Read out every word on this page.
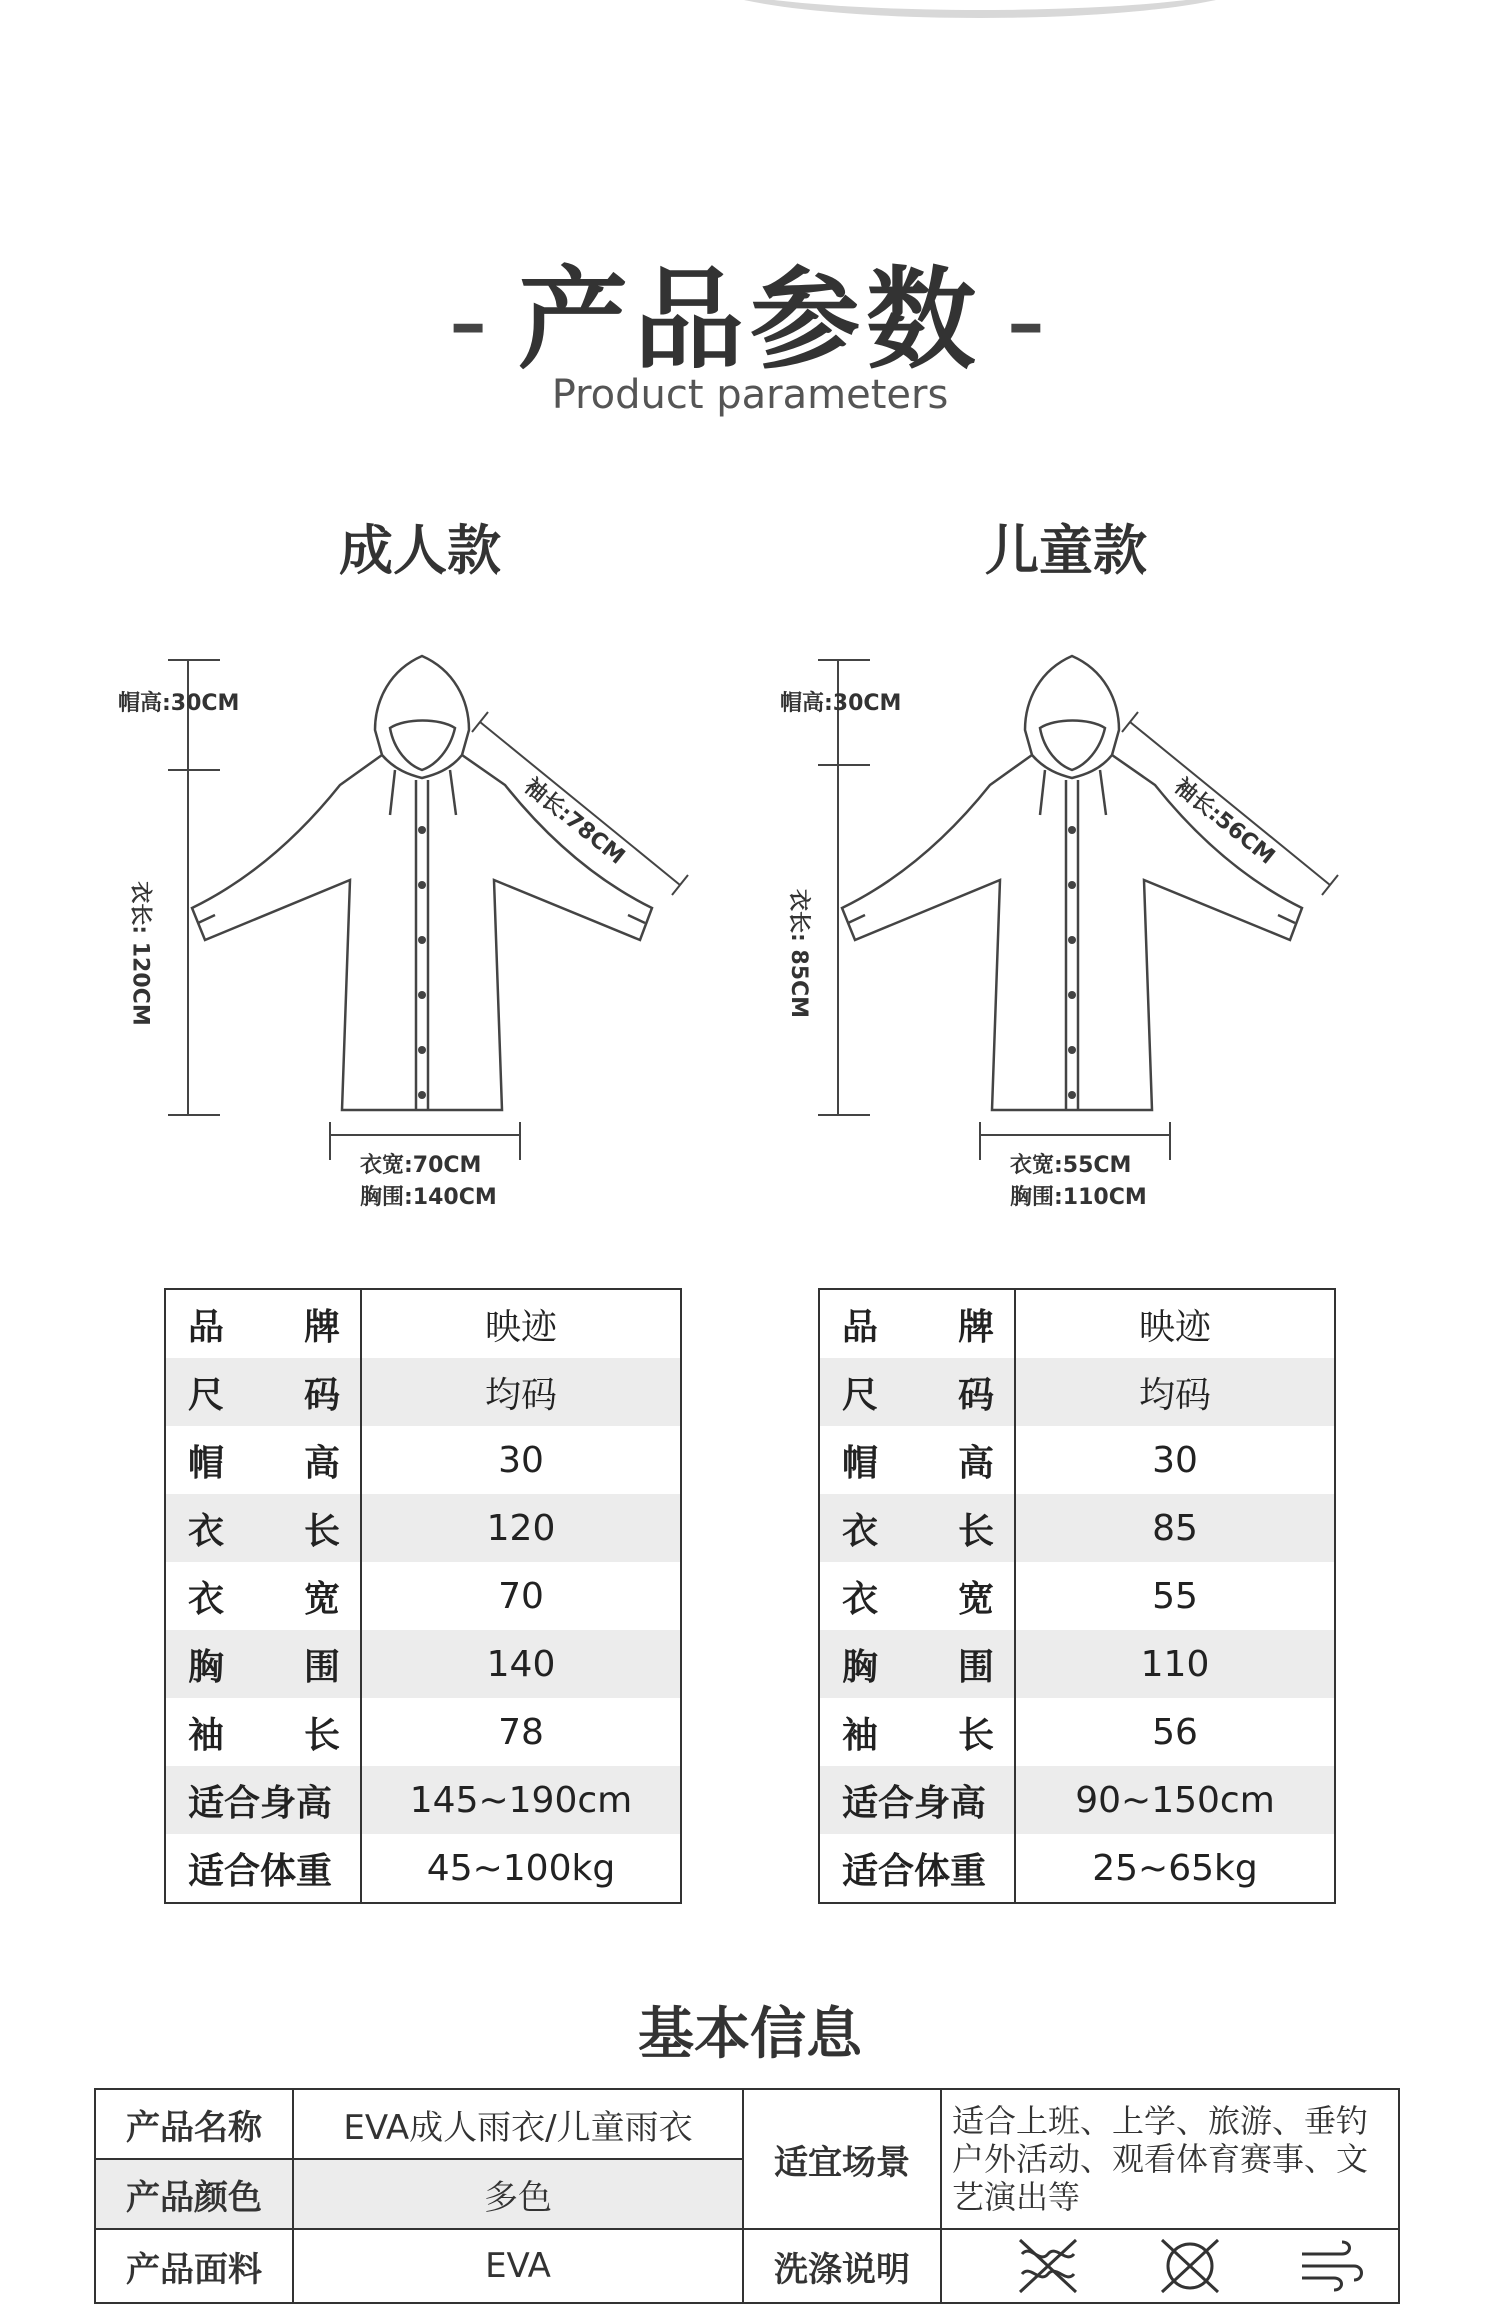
- 产品参数 -
Product parameters
成人款	儿童款
帽高:30CM
衣长: 120CM
袖长:78CM
衣宽:70CM
胸围:140CM
帽高:30CM
衣长: 85CM
袖长:56CM
衣宽:55CM
胸围:110CM
品 牌	映迹

尺 码	均码

帽 高	30

衣 长	120

衣 宽	70

胸 围	140

袖 长	78

适合身高	145~190cm

适合体重	45~100kg
品 牌	映迹

尺 码	均码

帽 高	30

衣 长	85

衣 宽	55

胸 围	110

袖 长	56

适合身高	90~150cm

适合体重	25~65kg
基本信息
产品名称	EVA成人雨衣/儿童雨衣	适宜场景	适合上班、上学、旅游、垂钓户外活动、观看体育赛事、文艺演出等
产品颜色	多色		
产品面料	EVA	洗涤说明	
